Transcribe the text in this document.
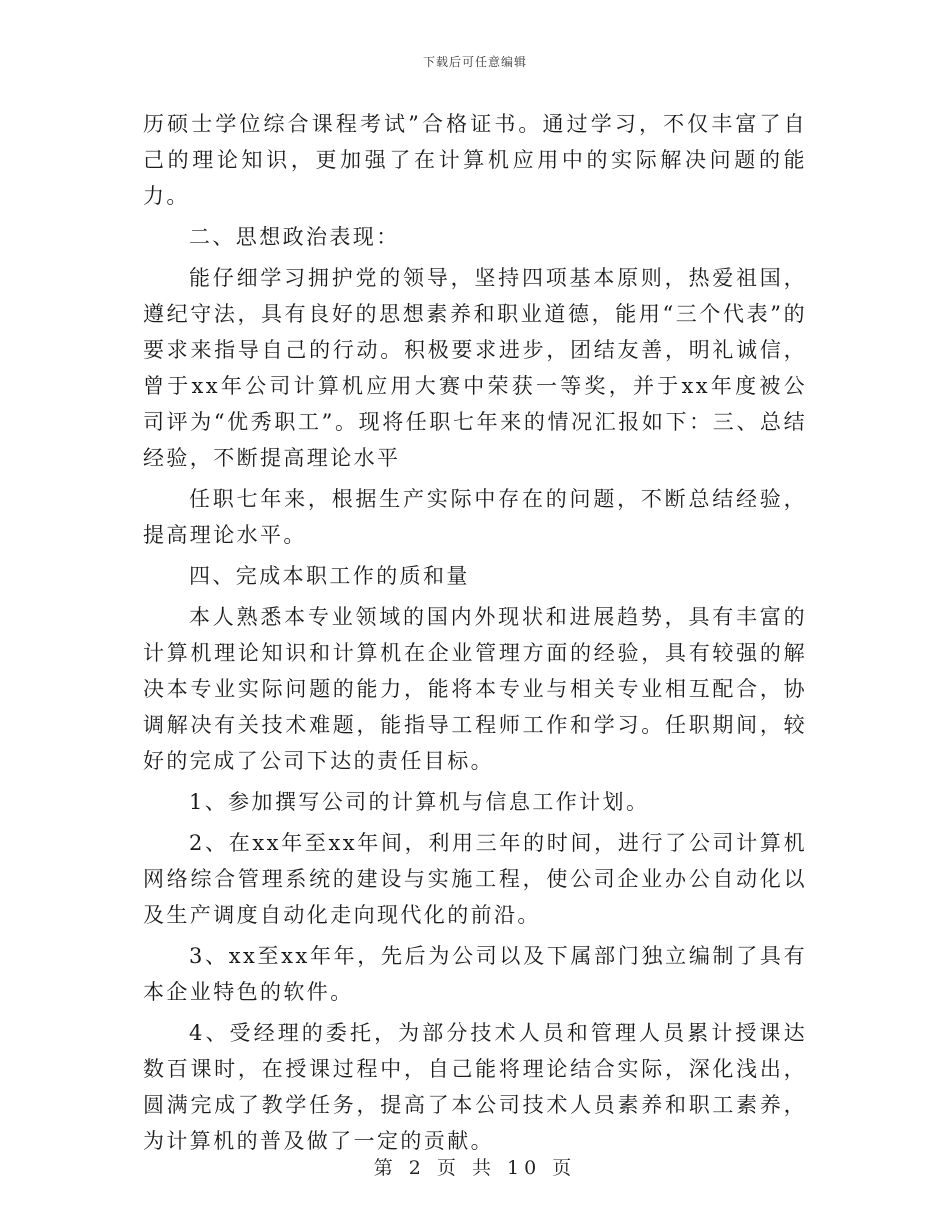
下载后可任意编辑

历硕士学位综合课程考试”合格证书。通过学习，不仅丰富了自己的理论知识，更加强了在计算机应用中的实际解决问题的能力。

二、思想政治表现：

能仔细学习拥护党的领导，坚持四项基本原则，热爱祖国，遵纪守法，具有良好的思想素养和职业道德，能用“三个代表”的要求来指导自己的行动。积极要求进步，团结友善，明礼诚信，曾于xx年公司计算机应用大赛中荣获一等奖，并于xx年度被公司评为“优秀职工”。现将任职七年来的情况汇报如下：三、总结经验，不断提高理论水平

任职七年来，根据生产实际中存在的问题，不断总结经验，提高理论水平。

四、完成本职工作的质和量

本人熟悉本专业领域的国内外现状和进展趋势，具有丰富的计算机理论知识和计算机在企业管理方面的经验，具有较强的解决本专业实际问题的能力，能将本专业与相关专业相互配合，协调解决有关技术难题，能指导工程师工作和学习。任职期间，较好的完成了公司下达的责任目标。

1、参加撰写公司的计算机与信息工作计划。

2、在xx年至xx年间，利用三年的时间，进行了公司计算机网络综合管理系统的建设与实施工程，使公司企业办公自动化以及生产调度自动化走向现代化的前沿。

3、xx至xx年年，先后为公司以及下属部门独立编制了具有本企业特色的软件。

4、受经理的委托，为部分技术人员和管理人员累计授课达数百课时，在授课过程中，自己能将理论结合实际，深化浅出，圆满完成了教学任务，提高了本公司技术人员素养和职工素养，为计算机的普及做了一定的贡献。

第 2 页 共 10 页
